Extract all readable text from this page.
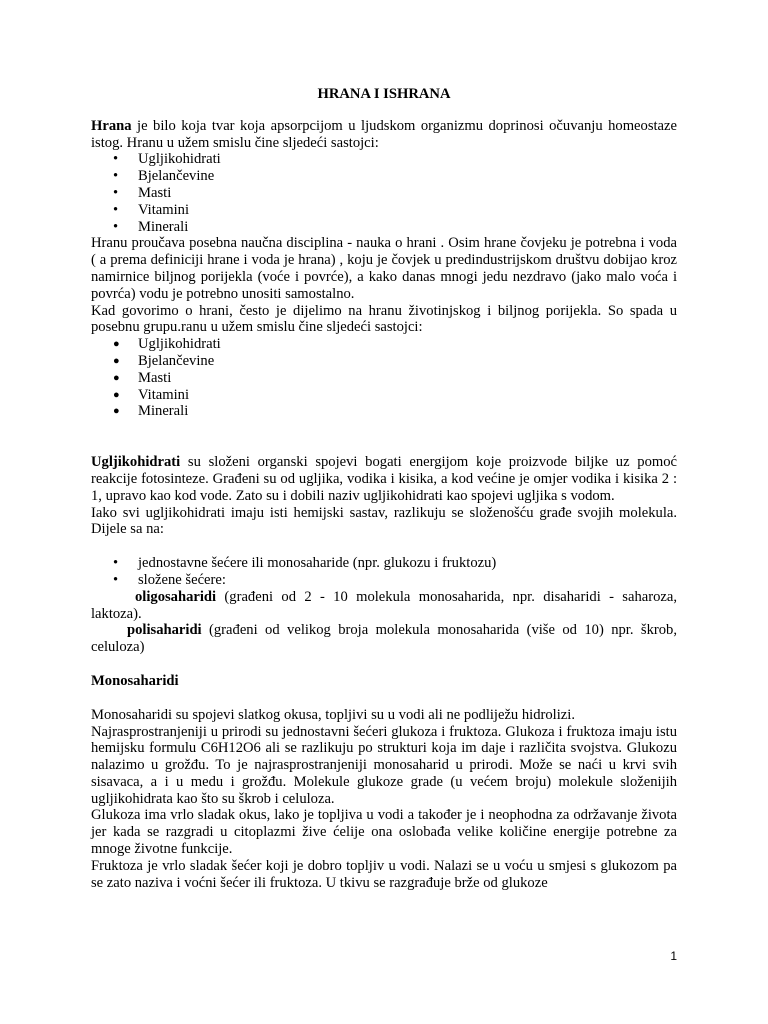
HRANA I ISHRANA

Hrana je bilo koja tvar koja apsorpcijom u ljudskom organizmu doprinosi očuvanju homeostaze istog. Hranu u užem smislu čine sljedeći sastojci:

• Ugljikohidrati
• Bjelančevine
• Masti
• Vitamini
• Minerali

Hranu proučava posebna naučna disciplina - nauka o hrani . Osim hrane čovjeku je potrebna i voda ( a prema definiciji hrane i voda je hrana) , koju je čovjek u predindustrijskom društvu dobijao kroz namirnice biljnog porijekla (voće i povrće), a kako danas mnogi jedu nezdravo (jako malo voća i povrća) vodu je potrebno unositi samostalno.

Kad govorimo o hrani, često je dijelimo na hranu životinjskog i biljnog porijekla. So spada u posebnu grupu.ranu u užem smislu čine sljedeći sastojci:

● Ugljikohidrati
● Bjelančevine
● Masti
● Vitamini
● Minerali

Ugljikohidrati su složeni organski spojevi bogati energijom koje proizvode biljke uz pomoć reakcije fotosinteze. Građeni su od ugljika, vodika i kisika, a kod većine je omjer vodika i kisika 2 : 1, upravo kao kod vode. Zato su i dobili naziv ugljikohidrati kao spojevi ugljika s vodom.

Iako svi ugljikohidrati imaju isti hemijski sastav, razlikuju se složenošću građe svojih molekula. Dijele sa na:

• jednostavne šećere ili monosaharide (npr. glukozu i fruktozu)
• složene šećere:

oligosaharidi (građeni od 2 - 10 molekula monosaharida, npr. disaharidi - saharoza, laktoza).

polisaharidi (građeni od velikog broja molekula monosaharida (više od 10) npr. škrob, celuloza)

Monosaharidi

Monosaharidi su spojevi slatkog okusa, topljivi su u vodi ali ne podliježu hidrolizi.

Najrasprostranjeniji u prirodi su jednostavni šećeri glukoza i fruktoza. Glukoza i fruktoza imaju istu hemijsku formulu C6H12O6 ali se razlikuju po strukturi koja im daje i različita svojstva. Glukozu nalazimo u grožđu. To je najrasprostranjeniji monosaharid u prirodi. Može se naći u krvi svih sisavaca, a i u medu i grožđu. Molekule glukoze grade (u većem broju) molekule složenijih ugljikohidrata kao što su škrob i celuloza.

Glukoza ima vrlo sladak okus, lako je topljiva u vodi a također je i neophodna za održavanje života jer kada se razgradi u citoplazmi žive ćelije ona oslobađa velike količine energije potrebne za mnoge životne funkcije.

Fruktoza je vrlo sladak šećer koji je dobro topljiv u vodi. Nalazi se u voću u smjesi s glukozom pa se zato naziva i voćni šećer ili fruktoza. U tkivu se razgrađuje brže od glukoze

1
